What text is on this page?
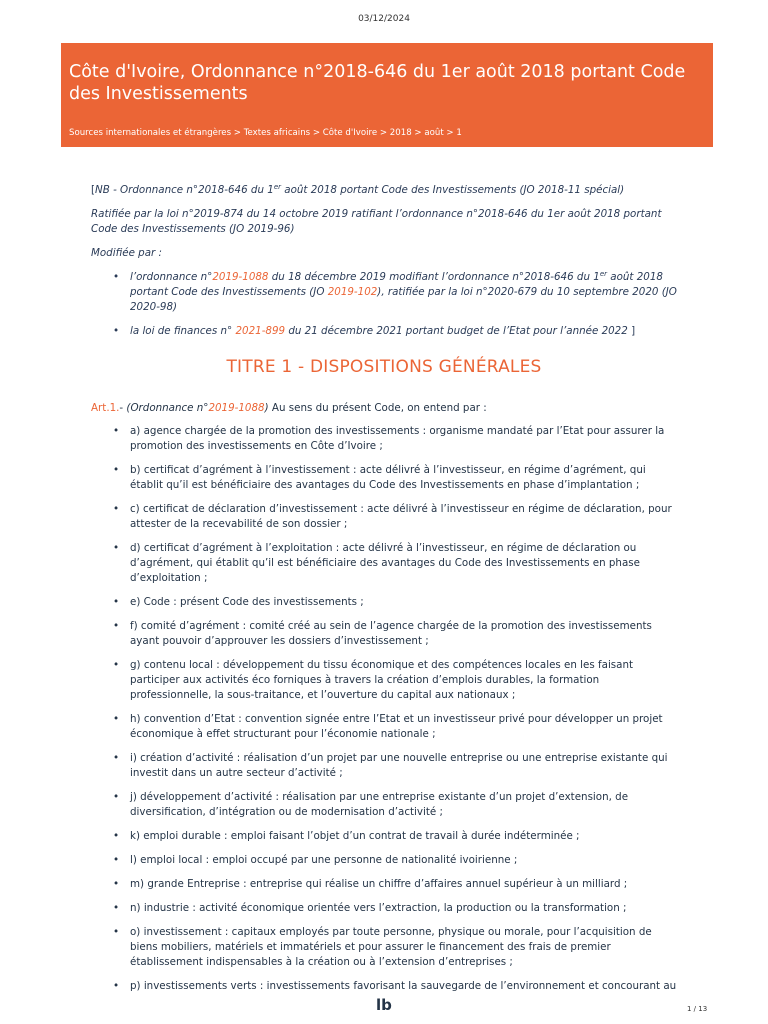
03/12/2024
Côte d'Ivoire, Ordonnance n°2018-646 du 1er août 2018 portant Code des Investissements
Sources internationales et étrangères > Textes africains > Côte d'Ivoire > 2018 > août > 1

[NB - Ordonnance n°2018-646 du 1er août 2018 portant Code des Investissements (JO 2018-11 spécial)

Ratifiée par la loi n°2019-874 du 14 octobre 2019 ratifiant l’ordonnance n°2018-646 du 1er août 2018 portant Code des Investissements (JO 2019-96)

Modifiée par :

• l’ordonnance n°2019-1088 du 18 décembre 2019 modifiant l’ordonnance n°2018-646 du 1er août 2018 portant Code des Investissements (JO 2019-102), ratifiée par la loi n°2020-679 du 10 septembre 2020 (JO 2020-98)
• la loi de finances n° 2021-899 du 21 décembre 2021 portant budget de l’Etat pour l’année 2022 ]
TITRE 1 - DISPOSITIONS GÉNÉRALES

Art.1.- (Ordonnance n°2019-1088) Au sens du présent Code, on entend par :

• a) agence chargée de la promotion des investissements : organisme mandaté par l’Etat pour assurer la promotion des investissements en Côte d’Ivoire ;
• b) certificat d’agrément à l’investissement : acte délivré à l’investisseur, en régime d’agrément, qui établit qu’il est bénéficiaire des avantages du Code des Investissements en phase d’implantation ;
• c) certificat de déclaration d’investissement : acte délivré à l’investisseur en régime de déclaration, pour attester de la recevabilité de son dossier ;
• d) certificat d’agrément à l’exploitation : acte délivré à l’investisseur, en régime de déclaration ou d’agrément, qui établit qu’il est bénéficiaire des avantages du Code des Investissements en phase d’exploitation ;
• e) Code : présent Code des investissements ;
• f) comité d’agrément : comité créé au sein de l’agence chargée de la promotion des investissements ayant pouvoir d’approuver les dossiers d’investissement ;
• g) contenu local : développement du tissu économique et des compétences locales en les faisant participer aux activités éco forniques à travers la création d’emplois durables, la formation professionnelle, la sous-traitance, et l’ouverture du capital aux nationaux ;
• h) convention d’Etat : convention signée entre l’Etat et un investisseur privé pour développer un projet économique à effet structurant pour l’économie nationale ;
• i) création d’activité : réalisation d’un projet par une nouvelle entreprise ou une entreprise existante qui investit dans un autre secteur d’activité ;
• j) développement d’activité : réalisation par une entreprise existante d’un projet d’extension, de diversification, d’intégration ou de modernisation d’activité ;
• k) emploi durable : emploi faisant l’objet d’un contrat de travail à durée indéterminée ;
• l) emploi local : emploi occupé par une personne de nationalité ivoirienne ;
• m) grande Entreprise : entreprise qui réalise un chiffre d’affaires annuel supérieur à un milliard ;
• n) industrie : activité économique orientée vers l’extraction, la production ou la transformation ;
• o) investissement : capitaux employés par toute personne, physique ou morale, pour l’acquisition de biens mobiliers, matériels et immatériels et pour assurer le financement des frais de premier établissement indispensables à la création ou à l’extension d’entreprises ;
• p) investissements verts : investissements favorisant la sauvegarde de l’environnement et concourant au
lb	1 / 13
